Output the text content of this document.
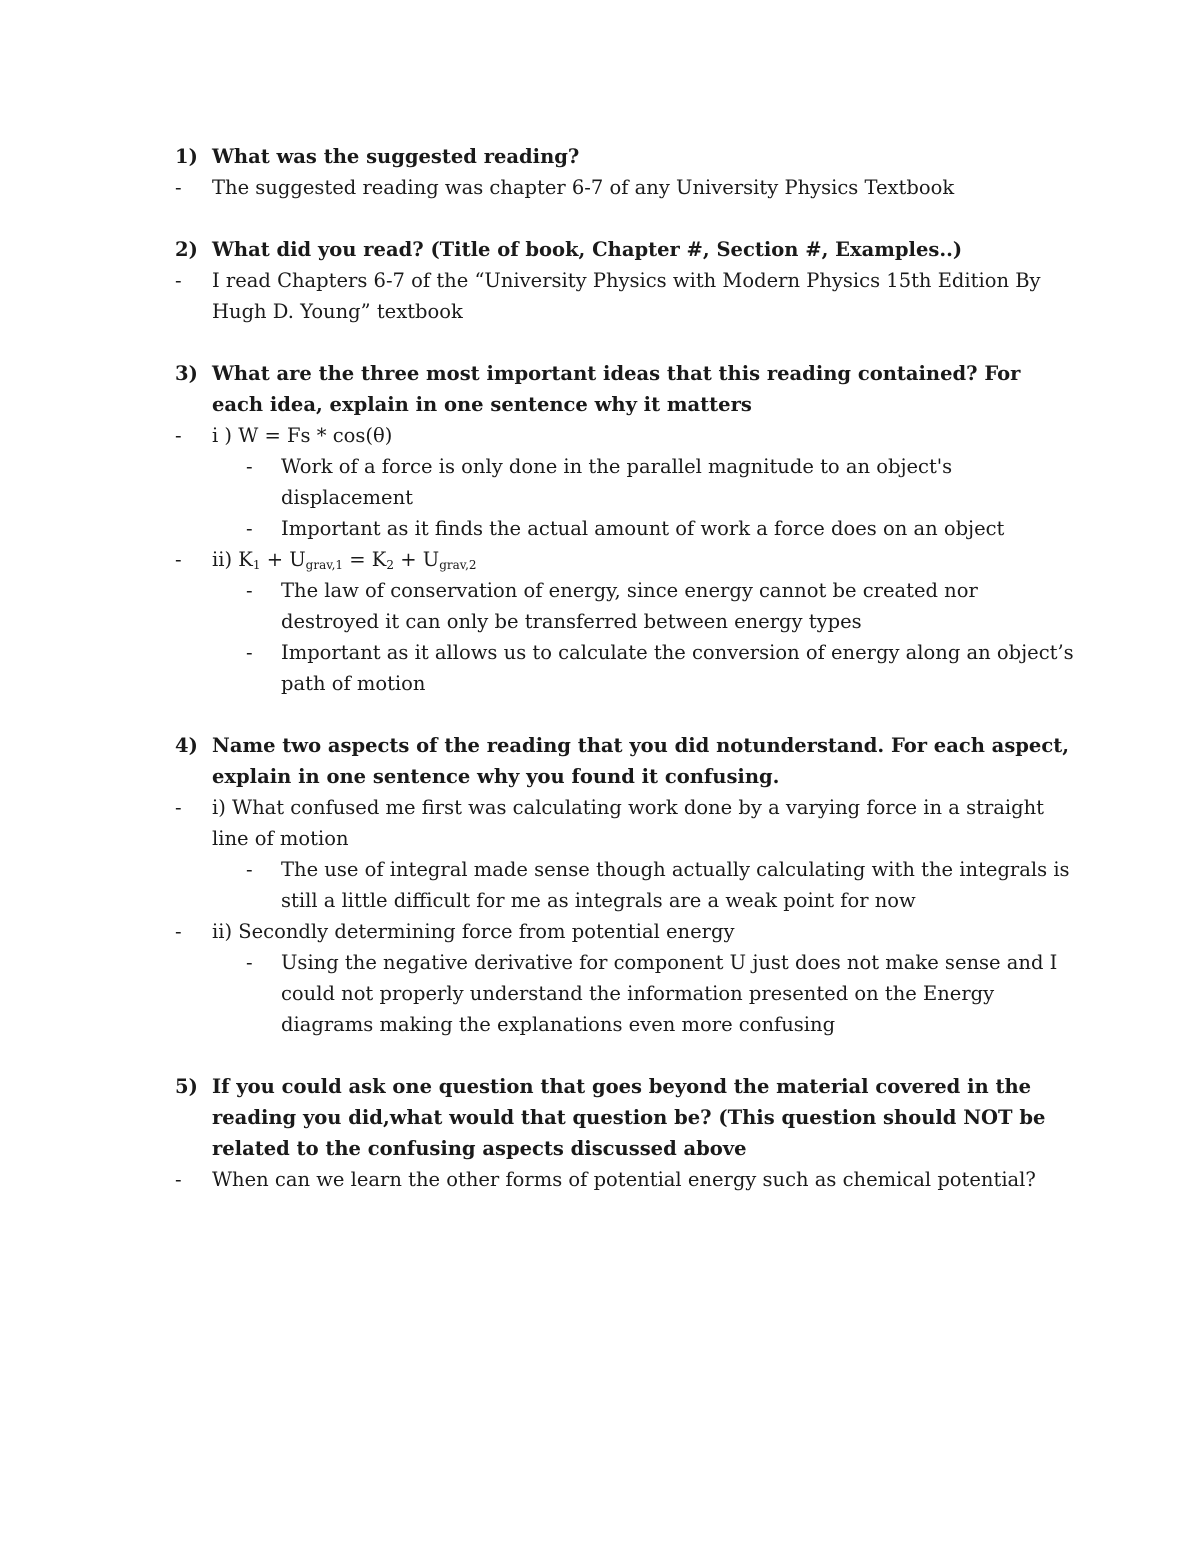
1) What was the suggested reading?
-	The suggested reading was chapter 6-7 of any University Physics Textbook
2) What did you read? (Title of book, Chapter #, Section #, Examples..)
-	I read Chapters 6-7 of the “University Physics with Modern Physics 15th Edition By Hugh D. Young” textbook
3) What are the three most important ideas that this reading contained? For each idea, explain in one sentence why it matters
-	i ) W = Fs * cos(θ)
-	Work of a force is only done in the parallel magnitude to an object's displacement
-	Important as it finds the actual amount of work a force does on an object
-	ii) $K_1 + U_{grav,1} = K_2 + U_{grav,2}$
-	The law of conservation of energy, since energy cannot be created nor destroyed it can only be transferred between energy types
-	Important as it allows us to calculate the conversion of energy along an object’s path of motion
4) Name two aspects of the reading that you did notunderstand. For each aspect, explain in one sentence why you found it confusing.
-	i) What confused me first was calculating work done by a varying force in a straight line of motion
-	The use of integral made sense though actually calculating with the integrals is still a little difficult for me as integrals are a weak point for now
-	ii) Secondly determining force from potential energy
-	Using the negative derivative for component U just does not make sense and I could not properly understand the information presented on the Energy diagrams making the explanations even more confusing
5) If you could ask one question that goes beyond the material covered in the reading you did,what would that question be? (This question should NOT be related to the confusing aspects discussed above
-	When can we learn the other forms of potential energy such as chemical potential?
